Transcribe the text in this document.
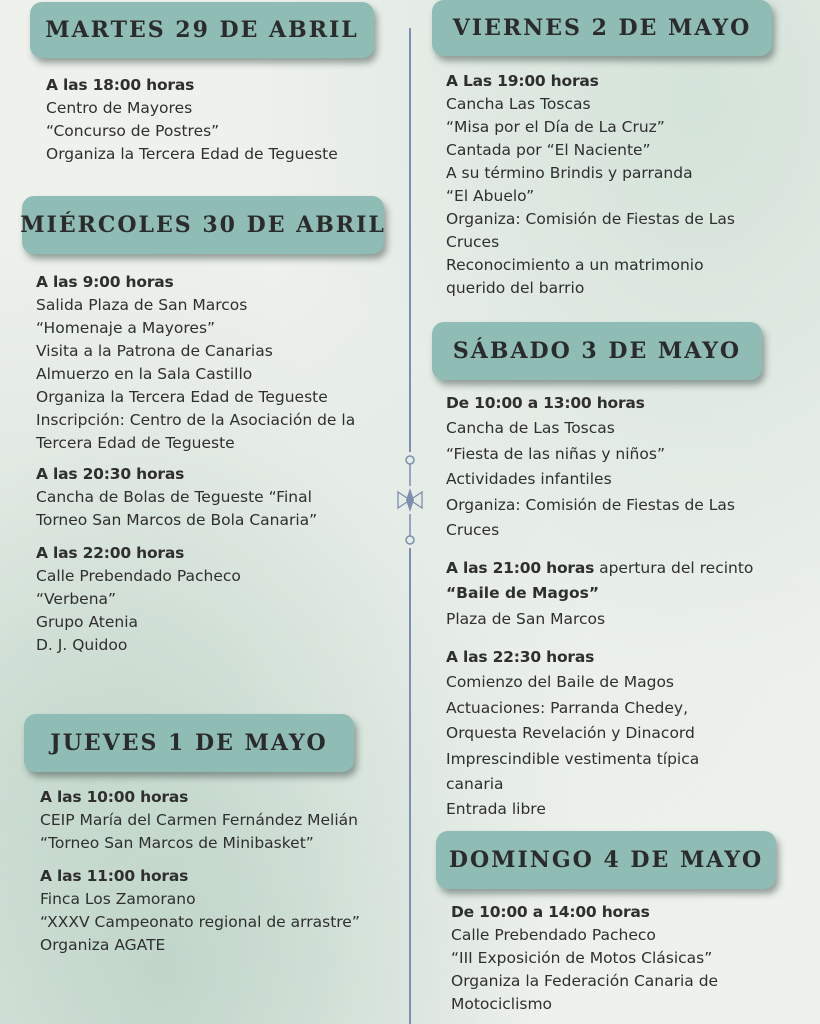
MARTES 29 DE ABRIL
A las 18:00 horas
Centro de Mayores
“Concurso de Postres”
Organiza la Tercera Edad de Tegueste
MIÉRCOLES 30 DE ABRIL
A las 9:00 horas
Salida Plaza de San Marcos
“Homenaje a Mayores”
Visita a la Patrona de Canarias
Almuerzo en la Sala Castillo
Organiza la Tercera Edad de Tegueste
Inscripción: Centro de la Asociación de la
Tercera Edad de Tegueste
A las 20:30 horas
Cancha de Bolas de Tegueste “Final
Torneo San Marcos de Bola Canaria”
A las 22:00 horas
Calle Prebendado Pacheco
“Verbena”
Grupo Atenia
D. J. Quidoo
JUEVES 1 DE MAYO
A las 10:00 horas
CEIP María del Carmen Fernández Melián
“Torneo San Marcos de Minibasket”
A las 11:00 horas
Finca Los Zamorano
“XXXV Campeonato regional de arrastre”
Organiza AGATE
VIERNES 2 DE MAYO
A Las 19:00 horas
Cancha Las Toscas
“Misa por el Día de La Cruz”
Cantada por “El Naciente”
A su término Brindis y parranda
“El Abuelo”
Organiza: Comisión de Fiestas de Las
Cruces
Reconocimiento a un matrimonio
querido del barrio
SÁBADO 3 DE MAYO
De 10:00 a 13:00 horas
Cancha de Las Toscas
“Fiesta de las niñas y niños”
Actividades infantiles
Organiza: Comisión de Fiestas de Las
Cruces
A las 21:00 horas apertura del recinto
“Baile de Magos”
Plaza de San Marcos
A las 22:30 horas
Comienzo del Baile de Magos
Actuaciones: Parranda Chedey,
Orquesta Revelación y Dinacord
Imprescindible vestimenta típica
canaria
Entrada libre
DOMINGO 4 DE MAYO
De 10:00 a 14:00 horas
Calle Prebendado Pacheco
“III Exposición de Motos Clásicas”
Organiza la Federación Canaria de
Motociclismo
